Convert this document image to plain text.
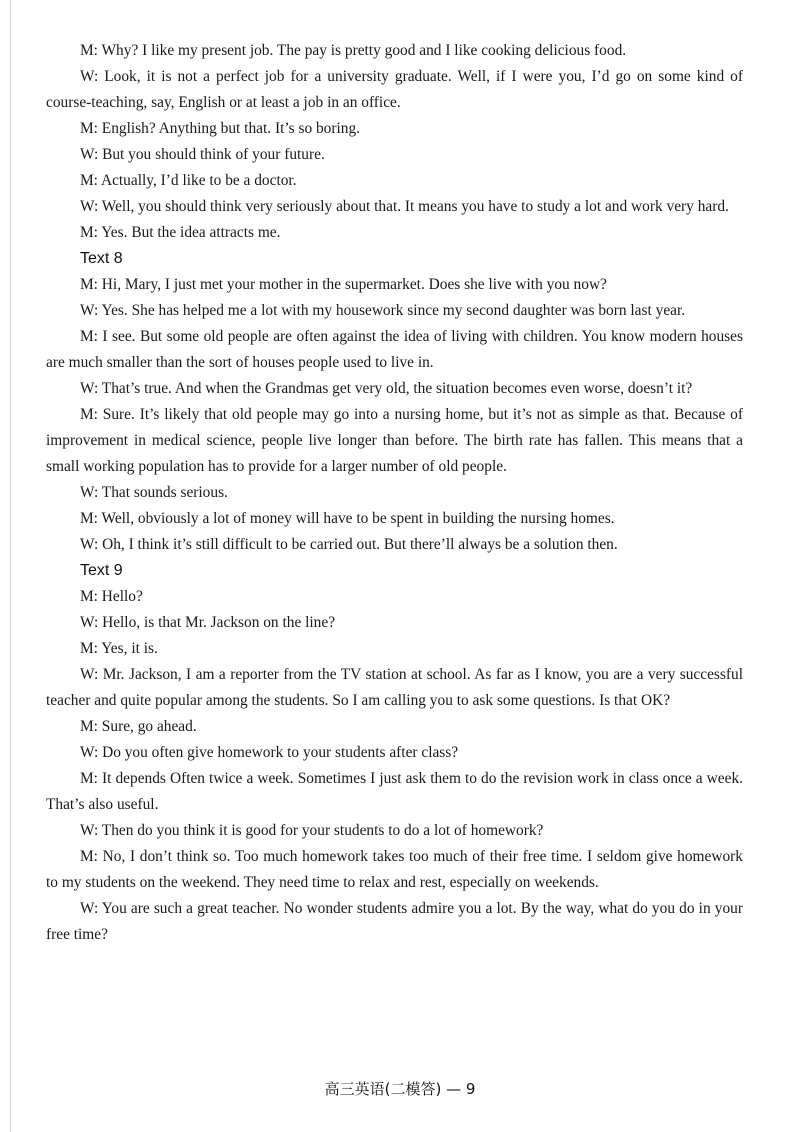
M: Why? I like my present job. The pay is pretty good and I like cooking delicious food.

W: Look, it is not a perfect job for a university graduate. Well, if I were you, I’d go on some kind of course-teaching, say, English or at least a job in an office.

M: English? Anything but that. It’s so boring.

W: But you should think of your future.

M: Actually, I’d like to be a doctor.

W: Well, you should think very seriously about that. It means you have to study a lot and work very hard.

M: Yes. But the idea attracts me.

Text 8

M: Hi, Mary, I just met your mother in the supermarket. Does she live with you now?

W: Yes. She has helped me a lot with my housework since my second daughter was born last year.

M: I see. But some old people are often against the idea of living with children. You know modern houses are much smaller than the sort of houses people used to live in.

W: That’s true. And when the Grandmas get very old, the situation becomes even worse, doesn’t it?

M: Sure. It’s likely that old people may go into a nursing home, but it’s not as simple as that. Because of improvement in medical science, people live longer than before. The birth rate has fallen. This means that a small working population has to provide for a larger number of old people.

W: That sounds serious.

M: Well, obviously a lot of money will have to be spent in building the nursing homes.

W: Oh, I think it’s still difficult to be carried out. But there’ll always be a solution then.

Text 9

M: Hello?

W: Hello, is that Mr. Jackson on the line?

M: Yes, it is.

W: Mr. Jackson, I am a reporter from the TV station at school. As far as I know, you are a very successful teacher and quite popular among the students. So I am calling you to ask some questions. Is that OK?

M: Sure, go ahead.

W: Do you often give homework to your students after class?

M: It depends Often twice a week. Sometimes I just ask them to do the revision work in class once a week. That’s also useful.

W: Then do you think it is good for your students to do a lot of homework?

M: No, I don’t think so. Too much homework takes too much of their free time. I seldom give homework to my students on the weekend. They need time to relax and rest, especially on weekends.

W: You are such a great teacher. No wonder students admire you a lot. By the way, what do you do in your free time?

高三英语(二模答) — 9
